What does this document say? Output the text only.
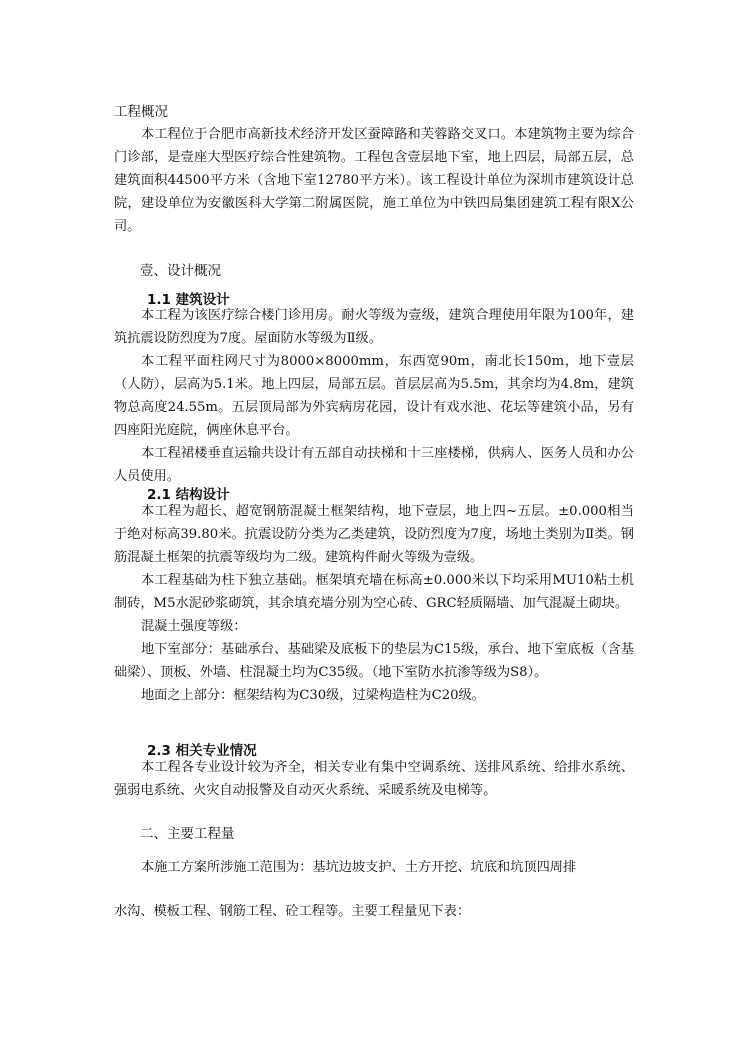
工程概况

本工程位于合肥市高新技术经济开发区蚕障路和芙蓉路交叉口。本建筑物主要为综合门诊部，是壹座大型医疗综合性建筑物。工程包含壹层地下室，地上四层，局部五层，总建筑面积44500平方米（含地下室12780平方米）。该工程设计单位为深圳市建筑设计总院，建设单位为安徽医科大学第二附属医院，施工单位为中铁四局集团建筑工程有限X公司。

壹、设计概况
1.1 建筑设计

本工程为该医疗综合楼门诊用房。耐火等级为壹级，建筑合理使用年限为100年，建筑抗震设防烈度为7度。屋面防水等级为Ⅱ级。

本工程平面柱网尺寸为8000×8000mm，东西宽90m，南北长150m，地下壹层（人防），层高为5.1米。地上四层，局部五层。首层层高为5.5m，其余均为4.8m，建筑物总高度24.55m。五层顶局部为外宾病房花园，设计有戏水池、花坛等建筑小品，另有四座阳光庭院，俩座休息平台。

本工程裙楼垂直运输共设计有五部自动扶梯和十三座楼梯，供病人、医务人员和办公人员使用。

2.1 结构设计

本工程为超长、超宽钢筋混凝土框架结构，地下壹层，地上四~五层。±0.000相当于绝对标高39.80米。抗震设防分类为乙类建筑，设防烈度为7度，场地土类别为Ⅱ类。钢筋混凝土框架的抗震等级均为二级。建筑构件耐火等级为壹级。

本工程基础为柱下独立基础。框架填充墙在标高±0.000米以下均采用MU10粘土机制砖，M5水泥砂浆砌筑，其余填充墙分别为空心砖、GRC轻质隔墙、加气混凝土砌块。

混凝土强度等级：

地下室部分：基础承台、基础梁及底板下的垫层为C15级，承台、地下室底板（含基础梁）、顶板、外墙、柱混凝土均为C35级。（地下室防水抗渗等级为S8）。

地面之上部分：框架结构为C30级，过梁构造柱为C20级。

2.3 相关专业情况

本工程各专业设计较为齐全，相关专业有集中空调系统、送排风系统、给排水系统、强弱电系统、火灾自动报警及自动灭火系统、采暖系统及电梯等。

二、主要工程量

本施工方案所涉施工范围为：基坑边坡支护、土方开挖、坑底和坑顶四周排

水沟、模板工程、钢筋工程、砼工程等。主要工程量见下表：
